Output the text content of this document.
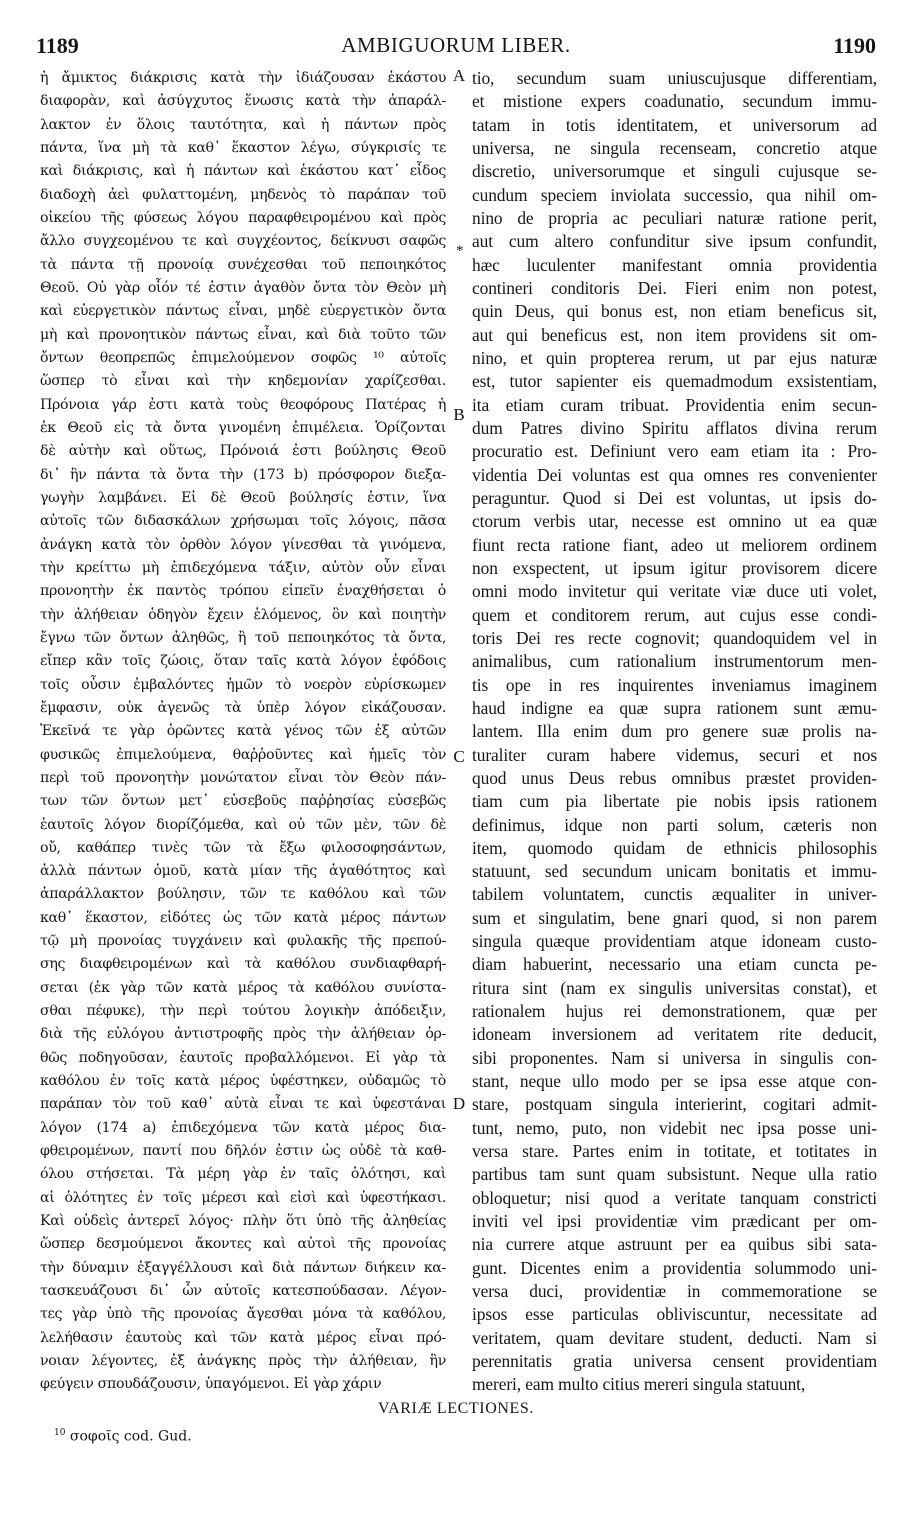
1189	AMBIGUORUM LIBER.	1190
ἡ ἄμικτος διάκρισις κατὰ τὴν ἰδιάζουσαν ἑκάστου
διαφορὰν, καὶ ἀσύγχυτος ἕνωσις κατὰ τὴν ἀπαράλ-
λακτον ἐν ὅλοις ταυτότητα, καὶ ἡ πάντων πρὸς
πάντα, ἵνα μὴ τὰ καθ᾽ ἕκαστον λέγω, σύγκρισίς τε
καὶ διάκρισις, καὶ ἡ πάντων καὶ ἑκάστου κατ᾽ εἶδος
διαδοχὴ ἀεὶ φυλαττομένη, μηδενὸς τὸ παράπαν τοῦ
οἰκείου τῆς φύσεως λόγου παραφθειρομένου καὶ πρὸς
ἄλλο συγχεομένου τε καὶ συγχέοντος, δείκνυσι σαφῶς
τὰ πάντα τῇ προνοίᾳ συνέχεσθαι τοῦ πεποιηκότος
Θεοῦ. Οὐ γὰρ οἷόν τέ ἐστιν ἀγαθὸν ὄντα τὸν Θεὸν μὴ
καὶ εὐεργετικὸν πάντως εἶναι, μηδὲ εὐεργετικὸν ὄντα
μὴ καὶ προνοητικὸν πάντως εἶναι, καὶ διὰ τοῦτο τῶν
ὄντων θεοπρεπῶς ἐπιμελούμενον σοφῶς ¹⁰ αὐτοῖς
ὥσπερ τὸ εἶναι καὶ τὴν κηδεμονίαν χαρίζεσθαι.
Πρόνοια γάρ ἐστι κατὰ τοὺς θεοφόρους Πατέρας ἡ
ἐκ Θεοῦ εἰς τὰ ὄντα γινομένη ἐπιμέλεια. Ὁρίζονται
δὲ αὐτὴν καὶ οὕτως, Πρόνοιά ἐστι βούλησις Θεοῦ
δι᾽ ἣν πάντα τὰ ὄντα τὴν (173 b) πρόσφορον διεξα-
γωγὴν λαμβάνει. Εἰ δὲ Θεοῦ βούλησίς ἐστιν, ἵνα
αὐτοῖς τῶν διδασκάλων χρήσωμαι τοῖς λόγοις, πᾶσα
ἀνάγκη κατὰ τὸν ὀρθὸν λόγον γίνεσθαι τὰ γινόμενα,
τὴν κρείττω μὴ ἐπιδεχόμενα τάξιν, αὐτὸν οὖν εἶναι
προνοητὴν ἐκ παντὸς τρόπου εἰπεῖν ἐναχθήσεται ὁ
τὴν ἀλήθειαν ὁδηγὸν ἔχειν ἑλόμενος, ὃν καὶ ποιητὴν
ἔγνω τῶν ὄντων ἀληθῶς, ἢ τοῦ πεποιηκότος τὰ ὄντα,
εἴπερ κἂν τοῖς ζώοις, ὅταν ταῖς κατὰ λόγον ἐφόδοις
τοῖς οὖσιν ἐμβαλόντες ἡμῶν τὸ νοερὸν εὑρίσκωμεν
ἔμφασιν, οὐκ ἀγενῶς τὰ ὑπὲρ λόγον εἰκάζουσαν.
Ἐκεῖνά τε γὰρ ὁρῶντες κατὰ γένος τῶν ἐξ αὐτῶν
φυσικῶς ἐπιμελούμενα, θαῤῥοῦντες καὶ ἡμεῖς τὸν
περὶ τοῦ προνοητὴν μονώτατον εἶναι τὸν Θεὸν πάν-
των τῶν ὄντων μετ᾽ εὐσεβοῦς παῤῥησίας εὐσεβῶς
ἑαυτοῖς λόγον διορίζόμεθα, καὶ οὐ τῶν μὲν, τῶν δὲ
οὔ, καθάπερ τινὲς τῶν τὰ ἔξω φιλοσοφησάντων,
ἀλλὰ πάντων ὁμοῦ, κατὰ μίαν τῆς ἀγαθότητος καὶ
ἀπαράλλακτον βούλησιν, τῶν τε καθόλου καὶ τῶν
καθ᾽ ἕκαστον, εἰδότες ὡς τῶν κατὰ μέρος πάντων
τῷ μὴ προνοίας τυγχάνειν καὶ φυλακῆς τῆς πρεπού-
σης διαφθειρομένων καὶ τὰ καθόλου συνδιαφθαρή-
σεται (ἐκ γὰρ τῶν κατὰ μέρος τὰ καθόλου συνίστα-
σθαι πέφυκε), τὴν περὶ τούτου λογικὴν ἀπόδειξιν,
διὰ τῆς εὐλόγου ἀντιστροφῆς πρὸς τὴν ἀλήθειαν ὀρ-
θῶς ποδηγοῦσαν, ἑαυτοῖς προβαλλόμενοι. Εἰ γὰρ τὰ
καθόλου ἐν τοῖς κατὰ μέρος ὑφέστηκεν, οὐδαμῶς τὸ
παράπαν τὸν τοῦ καθ᾽ αὑτὰ εἶναι τε καὶ ὑφεστάναι
λόγον (174 a) ἐπιδεχόμενα τῶν κατὰ μέρος δια-
φθειρομένων, παντί που δῆλόν ἐστιν ὡς οὐδὲ τὰ καθ-
όλου στήσεται. Τὰ μέρη γὰρ ἐν ταῖς ὁλότησι, καὶ
αἱ ὁλότητες ἐν τοῖς μέρεσι καὶ εἰσὶ καὶ ὑφεστήκασι.
Καὶ οὐδεὶς ἀντερεῖ λόγος· πλὴν ὅτι ὑπὸ τῆς ἀληθείας
ὥσπερ δεσμούμενοι ἄκοντες καὶ αὐτοὶ τῆς προνοίας
τὴν δύναμιν ἐξαγγέλλουσι καὶ διὰ πάντων διήκειν κα-
τασκευάζουσι δι᾽ ὧν αὐτοῖς κατεσπούδασαν. Λέγον-
τες γὰρ ὑπὸ τῆς προνοίας ἄγεσθαι μόνα τὰ καθόλου,
λελήθασιν ἑαυτοὺς καὶ τῶν κατὰ μέρος εἶναι πρό-
νοιαν λέγοντες, ἐξ ἀνάγκης πρὸς τὴν ἀλήθειαν, ἣν
φεύγειν σπουδάζουσιν, ὑπαγόμενοι. Εἰ γὰρ χάριν
A
*
B
C
D
tio, secundum suam uniuscujusque differentiam,
et mistione expers coadunatio, secundum immu-
tatam in totis identitatem, et universorum ad
universa, ne singula recenseam, concretio atque
discretio, universorumque et singuli cujusque se-
cundum speciem inviolata successio, qua nihil om-
nino de propria ac peculiari naturæ ratione perit,
aut cum altero confunditur sive ipsum confundit,
hæc luculenter manifestant omnia providentia
contineri conditoris Dei. Fieri enim non potest,
quin Deus, qui bonus est, non etiam beneficus sit,
aut qui beneficus est, non item providens sit om-
nino, et quin propterea rerum, ut par ejus naturæ
est, tutor sapienter eis quemadmodum exsistentiam,
ita etiam curam tribuat. Providentia enim secun-
dum Patres divino Spiritu afflatos divina rerum
procuratio est. Definiunt vero eam etiam ita : Pro-
videntia Dei voluntas est qua omnes res convenienter
peraguntur. Quod si Dei est voluntas, ut ipsis do-
ctorum verbis utar, necesse est omnino ut ea quæ
fiunt recta ratione fiant, adeo ut meliorem ordinem
non exspectent, ut ipsum igitur provisorem dicere
omni modo invitetur qui veritate viæ duce uti volet,
quem et conditorem rerum, aut cujus esse condi-
toris Dei res recte cognovit; quandoquidem vel in
animalibus, cum rationalium instrumentorum men-
tis ope in res inquirentes inveniamus imaginem
haud indigne ea quæ supra rationem sunt æmu-
lantem. Illa enim dum pro genere suæ prolis na-
turaliter curam habere videmus, securi et nos
quod unus Deus rebus omnibus præstet providen-
tiam cum pia libertate pie nobis ipsis rationem
definimus, idque non parti solum, cæteris non
item, quomodo quidam de ethnicis philosophis
statuunt, sed secundum unicam bonitatis et immu-
tabilem voluntatem, cunctis æqualiter in univer-
sum et singulatim, bene gnari quod, si non parem
singula quæque providentiam atque idoneam custo-
diam habuerint, necessario una etiam cuncta pe-
ritura sint (nam ex singulis universitas constat), et
rationalem hujus rei demonstrationem, quæ per
idoneam inversionem ad veritatem rite deducit,
sibi proponentes. Nam si universa in singulis con-
stant, neque ullo modo per se ipsa esse atque con-
stare, postquam singula interierint, cogitari admit-
tunt, nemo, puto, non videbit nec ipsa posse uni-
versa stare. Partes enim in totitate, et totitates in
partibus tam sunt quam subsistunt. Neque ulla ratio
obloquetur; nisi quod a veritate tanquam constricti
inviti vel ipsi providentiæ vim prædicant per om-
nia currere atque astruunt per ea quibus sibi sata-
gunt. Dicentes enim a providentia solummodo uni-
versa duci, providentiæ in commemoratione se
ipsos esse particulas obliviscuntur, necessitate ad
veritatem, quam devitare student, deducti. Nam si
perennitatis gratia universa censent providentiam
mereri, eam multo citius mereri singula statuunt,
VARIÆ LECTIONES.
$^{10}$ σοφοῖς cod. Gud.
